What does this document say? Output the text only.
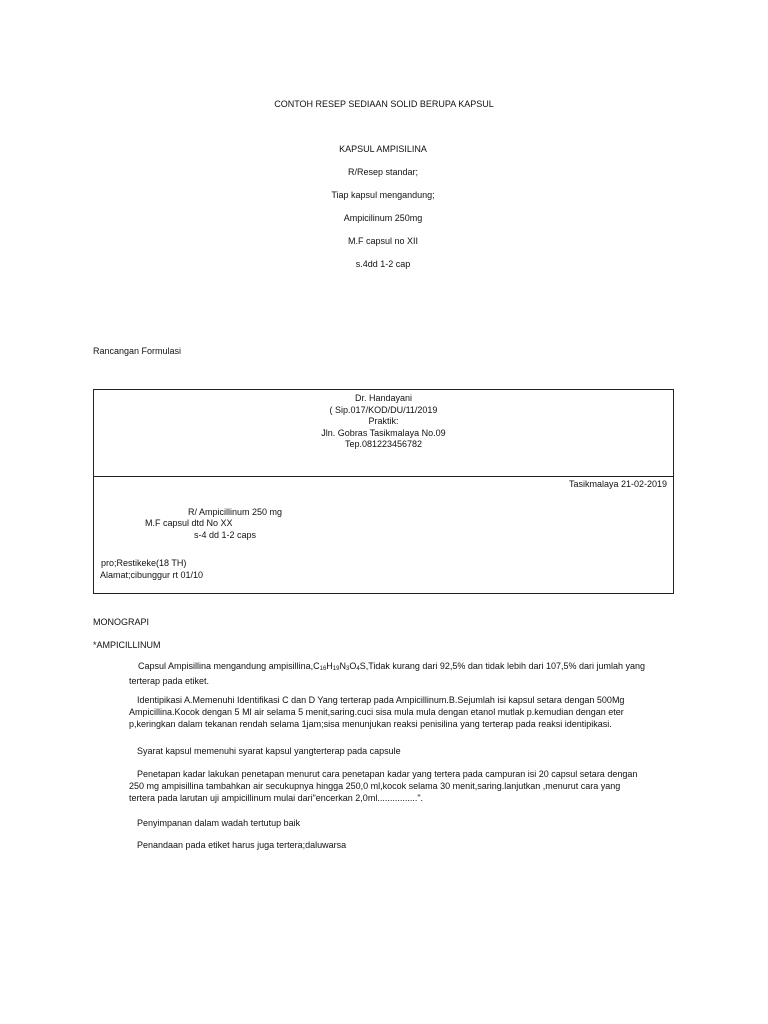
CONTOH RESEP SEDIAAN SOLID BERUPA KAPSUL
KAPSUL AMPISILINA
R/Resep standar;
Tiap kapsul mengandung;
Ampicilinum 250mg
M.F capsul no XII
s.4dd 1-2 cap
Rancangan Formulasi
Dr. Handayani
( Sip.017/KOD/DU/11/2019
Praktik:
Jln. Gobras Tasikmalaya No.09
Tep.081223456782
Tasikmalaya 21-02-2019
R/ Ampicillinum 250 mg
M.F capsul dtd No XX
s-4 dd 1-2 caps
pro;Restikeke(18 TH)
Alamat;cibunggur rt 01/10
MONOGRAPI
*AMPICILLINUM
Capsul Ampisillina mengandung $ampisillina,C_{16}H_{19}N_3O_4S,Tidak$ kurang dari 92,5% dan tidak lebih dari 107,5% dari jumlah yang
terterap pada etiket.
Identipikasi A.Memenuhi Identifikasi C dan D Yang terterap pada Ampicillinum.B.Sejumlah isi kapsul setara dengan 500Mg
Ampicillina.Kocok dengan 5 Ml air selama 5 menit,saring.cuci sisa mula mula dengan etanol mutlak p.kemudian dengan eter
p,keringkan dalam tekanan rendah selama 1jam;sisa menunjukan reaksi penisilina yang terterap pada reaksi identipikasi.
Syarat kapsul memenuhi syarat kapsul yangterterap pada capsule
Penetapan kadar lakukan penetapan menurut cara penetapan kadar yang tertera pada campuran isi 20 capsul setara dengan
250 mg ampisillina tambahkan air secukupnya hingga 250,0 ml,kocok selama 30 menit,saring.lanjutkan ,menurut cara yang
tertera pada larutan uji ampicillinum mulai dari"encerkan 2,0ml................".
Penyimpanan dalam wadah tertutup baik
Penandaan pada etiket harus juga tertera;daluwarsa
